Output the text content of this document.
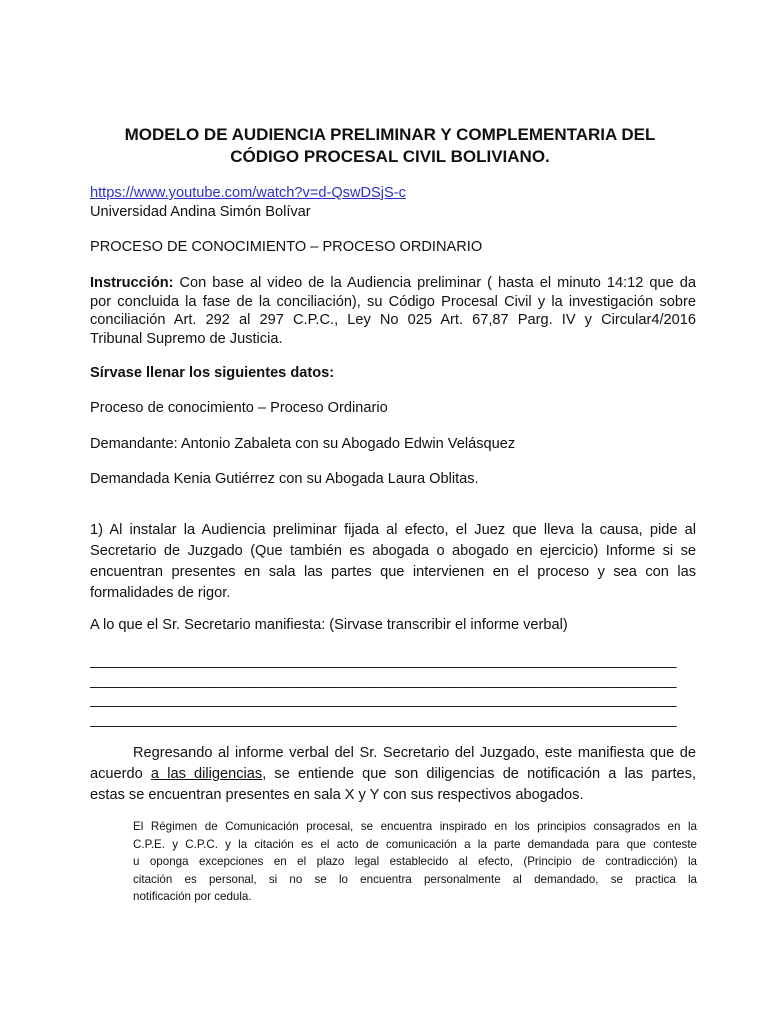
MODELO DE AUDIENCIA PRELIMINAR Y COMPLEMENTARIA DEL
CÓDIGO PROCESAL CIVIL BOLIVIANO.
https://www.youtube.com/watch?v=d-QswDSjS-c
Universidad Andina Simón Bolívar
PROCESO DE CONOCIMIENTO – PROCESO ORDINARIO
Instrucción: Con base al video de la Audiencia preliminar ( hasta el minuto 14:12 que da
por concluida la fase de la conciliación), su Código Procesal Civil y la investigación sobre
conciliación Art. 292 al 297 C.P.C., Ley No 025 Art. 67,87 Parg. IV y Circular4/2016
Tribunal Supremo de Justicia.
Sírvase llenar los siguientes datos:
Proceso de conocimiento – Proceso Ordinario
Demandante: Antonio Zabaleta con su Abogado Edwin Velásquez
Demandada Kenia Gutiérrez con su Abogada Laura Oblitas.
1) Al instalar la Audiencia preliminar fijada al efecto, el Juez que lleva la causa, pide al
Secretario de Juzgado (Que también es abogada o abogado en ejercicio) Informe si se
encuentran presentes en sala las partes que intervienen en el proceso y sea con las
formalidades de rigor.
A lo que el Sr. Secretario manifiesta: (Sirvase transcribir el informe verbal)
___________________________________________________________________________
___________________________________________________________________________
___________________________________________________________________________
___________________________________________________________________________
Regresando al informe verbal del Sr. Secretario del Juzgado, este manifiesta que de
acuerdo a las diligencias, se entiende que son diligencias de notificación a las partes,
estas se encuentran presentes en sala X y Y con sus respectivos abogados.
El Régimen de Comunicación procesal, se encuentra inspirado en los principios consagrados en la
C.P.E. y C.P.C. y la citación es el acto de comunicación a la parte demandada para que conteste
u oponga excepciones en el plazo legal establecido al efecto, (Principio de contradicción) la
citación es personal, si no se lo encuentra personalmente al demandado, se practica la
notificación por cedula.
